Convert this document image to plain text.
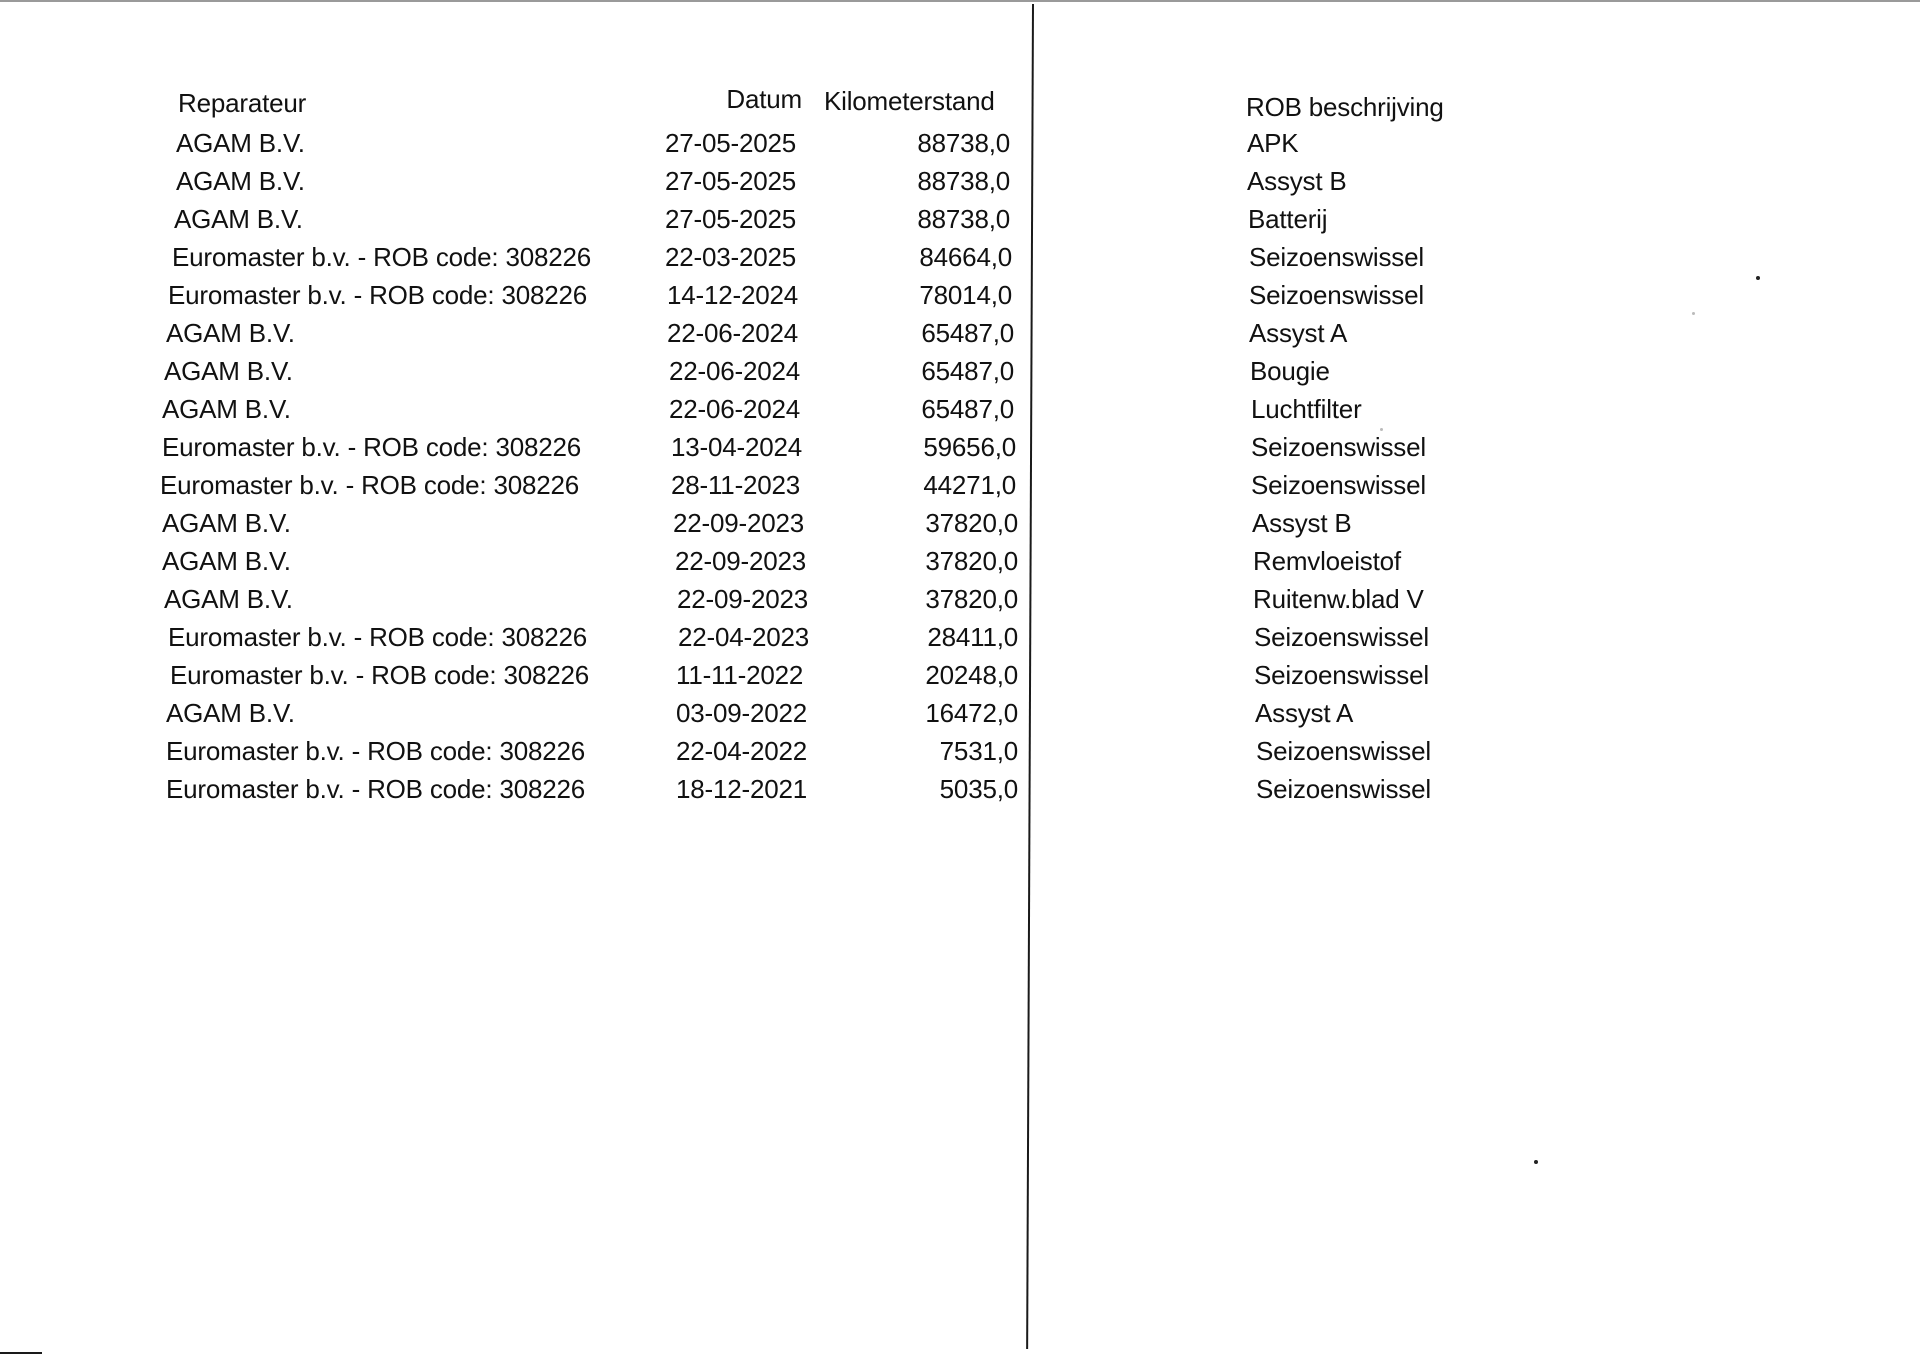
Reparateur	Datum Kilometerstand	ROB beschrijving
AGAM B.V.	27-05-2025	88738,0	APK
AGAM B.V.	27-05-2025	88738,0	Assyst B
AGAM B.V.	27-05-2025	88738,0	Batterij
Euromaster b.v. - ROB code: 308226	22-03-2025	84664,0	Seizoenswissel
Euromaster b.v. - ROB code: 308226	14-12-2024	78014,0	Seizoenswissel
AGAM B.V.	22-06-2024	65487,0	Assyst A
AGAM B.V.	22-06-2024	65487,0	Bougie
AGAM B.V.	22-06-2024	65487,0	Luchtfilter
Euromaster b.v. - ROB code: 308226	13-04-2024	59656,0	Seizoenswissel
Euromaster b.v. - ROB code: 308226	28-11-2023	44271,0	Seizoenswissel
AGAM B.V.	22-09-2023	37820,0	Assyst B
AGAM B.V.	22-09-2023	37820,0	Remvloeistof
AGAM B.V.	22-09-2023	37820,0	Ruitenw.blad V
Euromaster b.v. - ROB code: 308226	22-04-2023	28411,0	Seizoenswissel
Euromaster b.v. - ROB code: 308226	11-11-2022	20248,0	Seizoenswissel
AGAM B.V.	03-09-2022	16472,0	Assyst A
Euromaster b.v. - ROB code: 308226	22-04-2022	7531,0	Seizoenswissel
Euromaster b.v. - ROB code: 308226	18-12-2021	5035,0	Seizoenswissel
